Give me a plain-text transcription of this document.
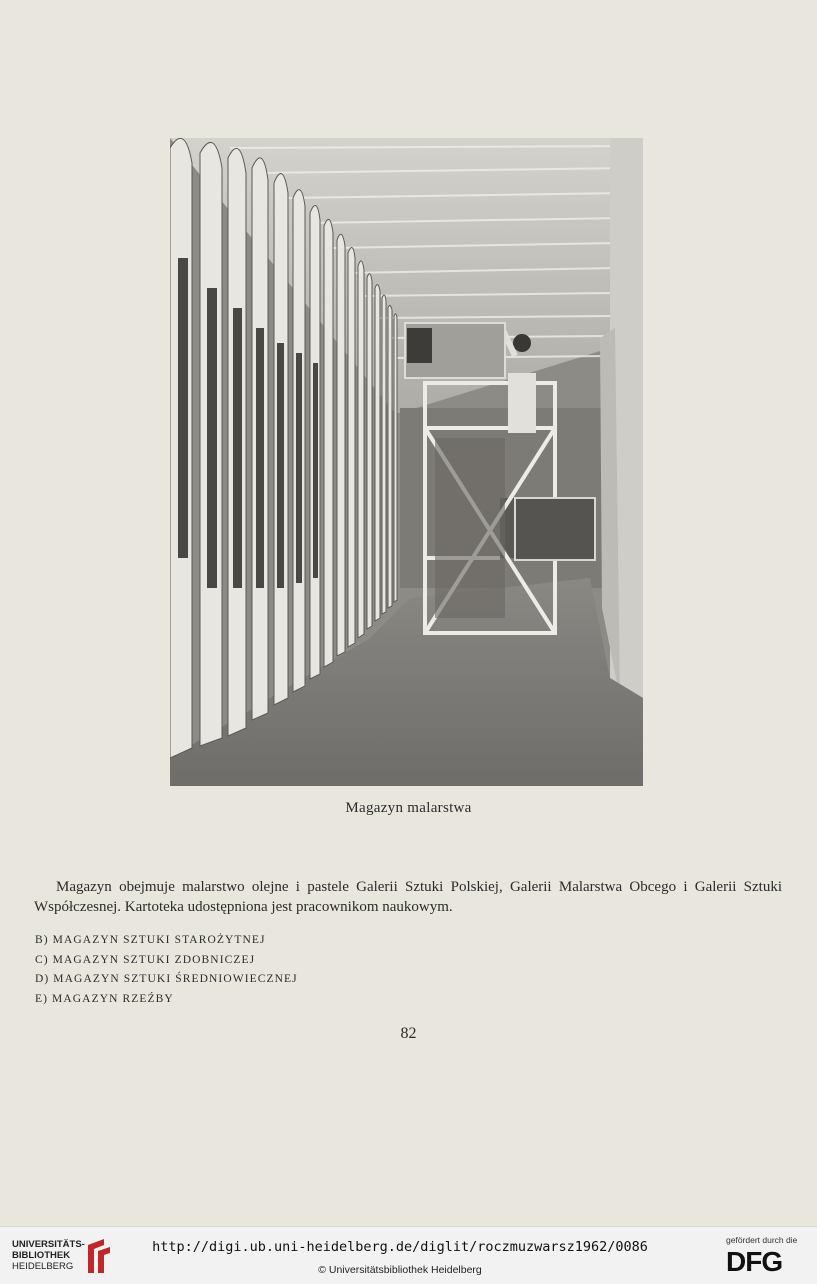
Magazyn malarstwa
Magazyn obejmuje malarstwo olejne i pastele Galerii Sztuki Polskiej, Galerii Malarstwa Obcego i Galerii Sztuki Współczesnej. Kartoteka udostępniona jest pracownikom naukowym.
B) MAGAZYN SZTUKI STAROŻYTNEJ
C) MAGAZYN SZTUKI ZDOBNICZEJ
D) MAGAZYN SZTUKI ŚREDNIOWIECZNEJ
E) MAGAZYN RZEŹBY
82
UNIVERSITÄTS-
BIBLIOTHEK
HEIDELBERG
http://digi.ub.uni-heidelberg.de/diglit/roczmuzwarsz1962/0086
© Universitätsbibliothek Heidelberg
gefördert durch die
DFG
